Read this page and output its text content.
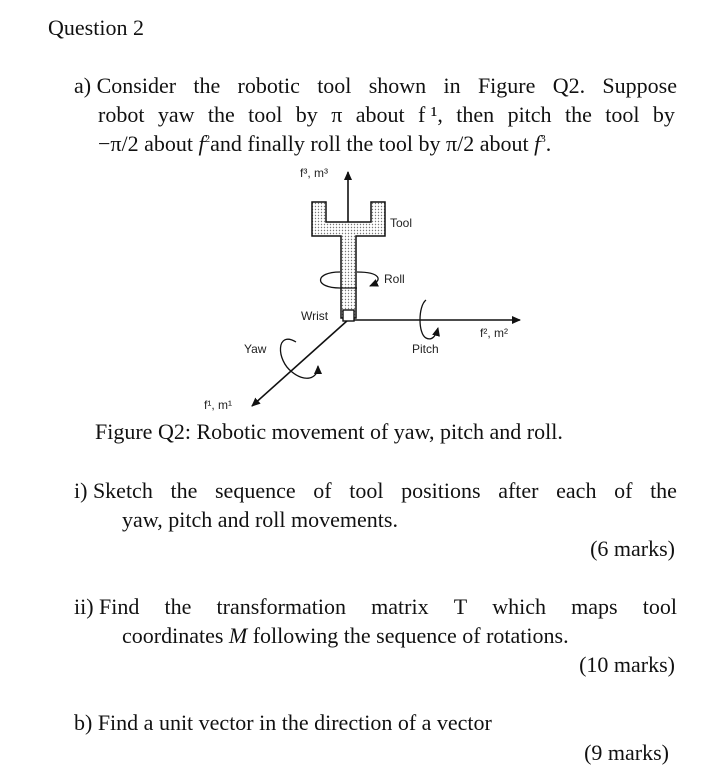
Question 2
a) Consider the robotic tool shown in Figure Q2. Suppose
robot yaw the tool by π about f ¹, then pitch the tool by
−π/2 about $f^2and$ finally roll the tool by π/2 about $f^3$.
f³, m³
Tool
Roll
Wrist
f², m²
Yaw	Pitch
f¹, m¹
Figure Q2: Robotic movement of yaw, pitch and roll.
i) Sketch the sequence of tool positions after each of the
yaw, pitch and roll movements.
(6 marks)
ii) Find the transformation matrix T which maps tool
coordinates M following the sequence of rotations.
(10 marks)
b) Find a unit vector in the direction of a vector
(9 marks)
